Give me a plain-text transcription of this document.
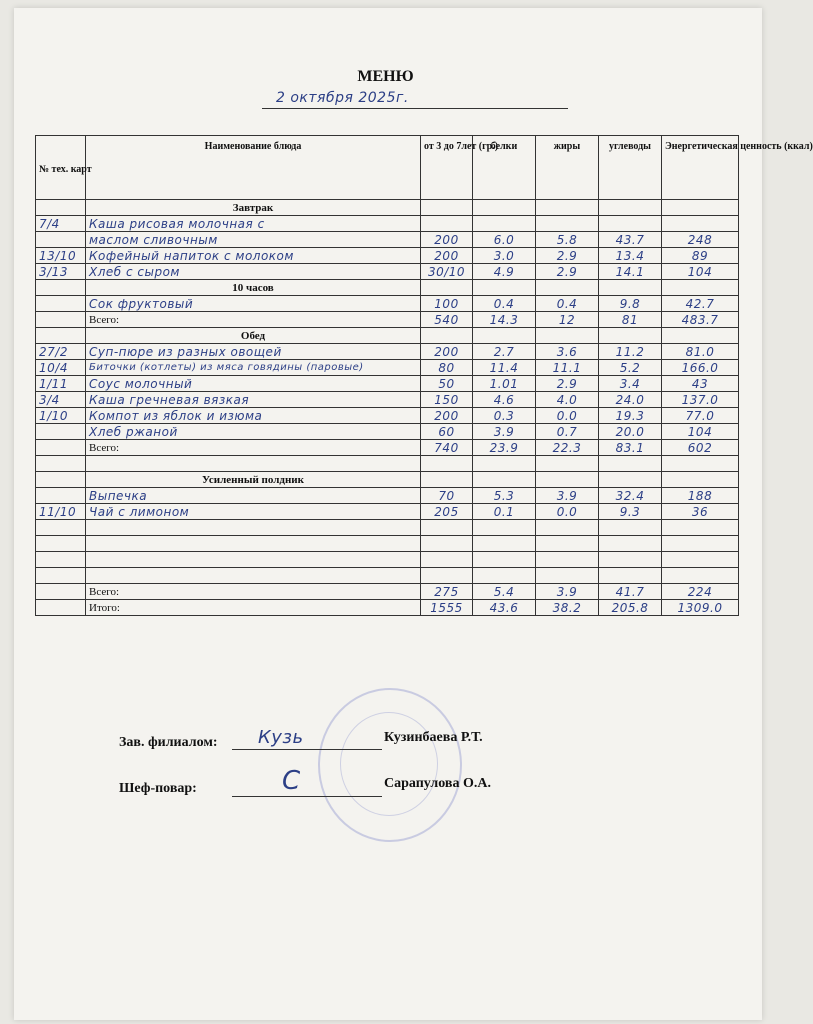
МЕНЮ
2 октября 2025г.
№ тех. карт	Наименование блюда	от 3 до 7лет (гр.)	белки	жиры	углеводы	Энергетическая ценность (ккал)
	Завтрак					
7/4	Каша рисовая молочная с					
	маслом сливочным	200	6.0	5.8	43.7	248
13/10	Кофейный напиток с молоком	200	3.0	2.9	13.4	89
3/13	Хлеб с сыром	30/10	4.9	2.9	14.1	104
	10 часов					
	Сок фруктовый	100	0.4	0.4	9.8	42.7
	Всего:	540	14.3	12	81	483.7
	Обед					
27/2	Суп-пюре из разных овощей	200	2.7	3.6	11.2	81.0
10/4	Биточки (котлеты) из мяса говядины (паровые)	80	11.4	11.1	5.2	166.0
1/11	Соус молочный	50	1.01	2.9	3.4	43
3/4	Каша гречневая вязкая	150	4.6	4.0	24.0	137.0
1/10	Компот из яблок и изюма	200	0.3	0.0	19.3	77.0
	Хлеб ржаной	60	3.9	0.7	20.0	104
	Всего:	740	23.9	22.3	83.1	602

	Усиленный полдник					
	Выпечка	70	5.3	3.9	32.4	188
11/10	Чай с лимоном	205	0.1	0.0	9.3	36

	Всего:	275	5.4	3.9	41.7	224
	Итого:	1555	43.6	38.2	205.8	1309.0
Зав. филиалом: Кузь	Кузинбаева Р.Т.
Шеф-повар:	С	Сарапулова О.А.
